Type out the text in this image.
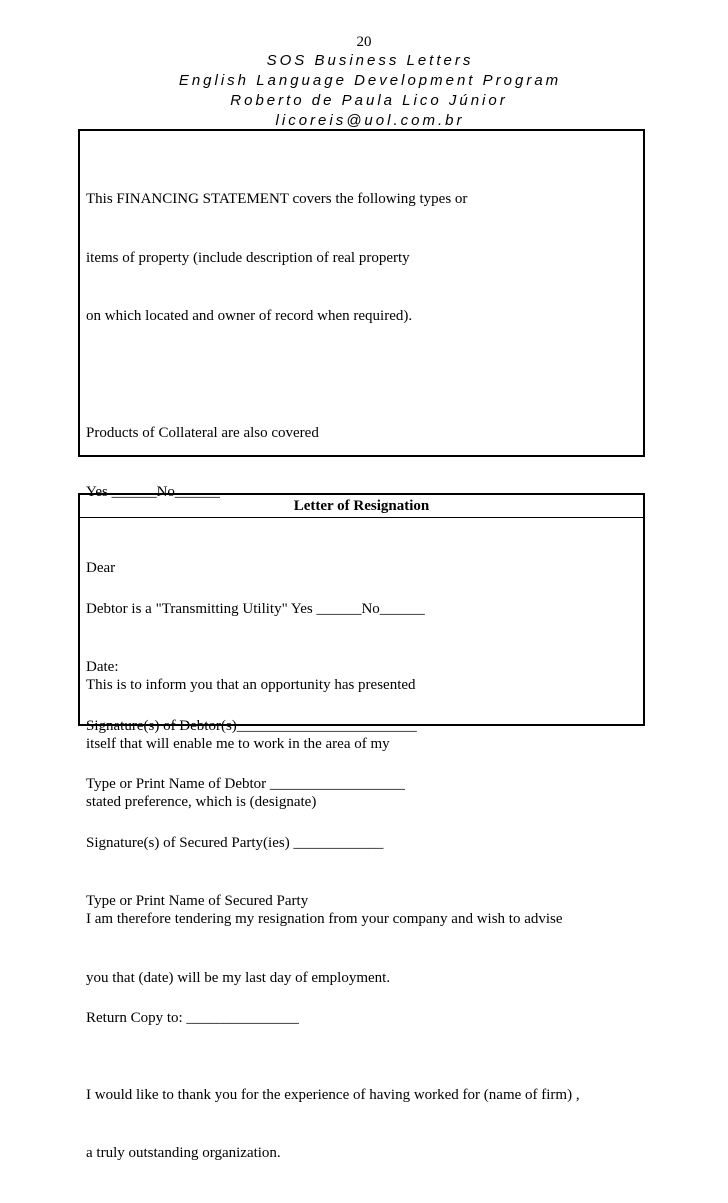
20
SOS Business Letters
English Language Development Program
Roberto de Paula Lico Júnior
licoreis@uol.com.br

This FINANCING STATEMENT covers the following types or

items of property (include description of real property

on which located and owner of record when required).

Products of Collateral are also covered

Yes ______No______

Debtor is a "Transmitting Utility" Yes ______No______

Date:

Signature(s) of Debtor(s)________________________

Type or Print Name of Debtor __________________

Signature(s) of Secured Party(ies) ____________

Type or Print Name of Secured Party

Return Copy to: _______________

Letter of Resignation

Dear

This is to inform you that an opportunity has presented

itself that will enable me to work in the area of my

stated preference, which is (designate)

I am therefore tendering my resignation from your company and wish to advise

you that (date) will be my last day of employment.

I would like to thank you for the experience of having worked for (name of firm) ,

a truly outstanding organization.
